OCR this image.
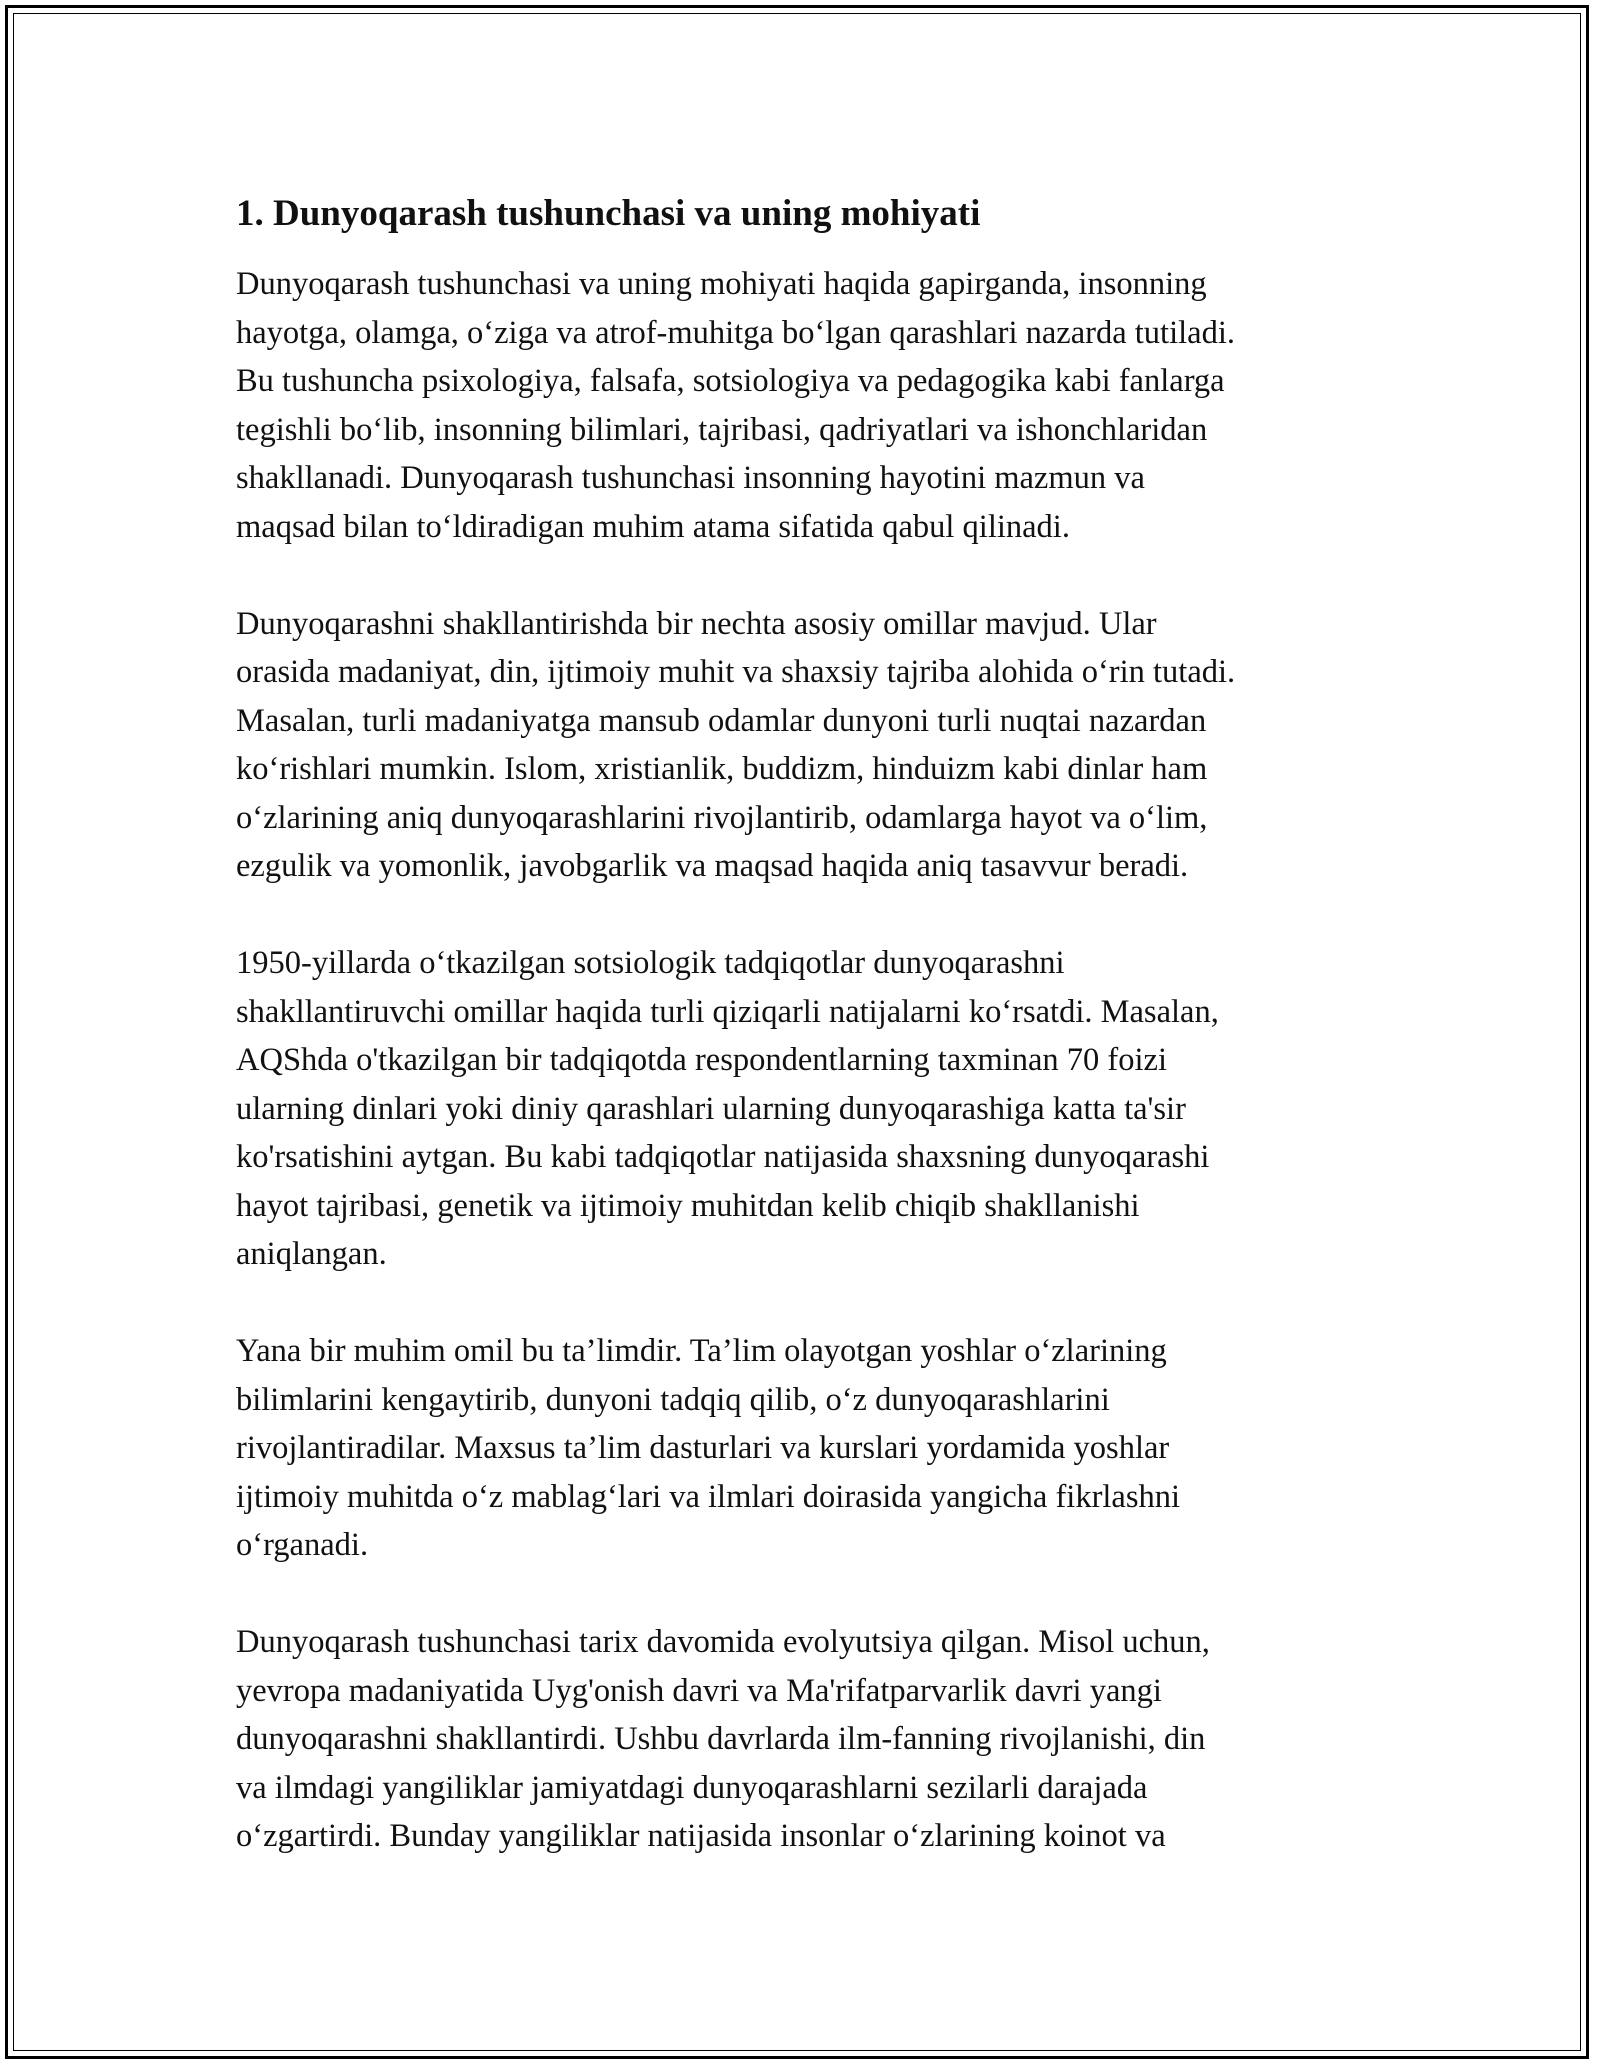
1. Dunyoqarash tushunchasi va uning mohiyati

Dunyoqarash tushunchasi va uning mohiyati haqida gapirganda, insonning
hayotga, olamga, o‘ziga va atrof-muhitga bo‘lgan qarashlari nazarda tutiladi.
Bu tushuncha psixologiya, falsafa, sotsiologiya va pedagogika kabi fanlarga
tegishli bo‘lib, insonning bilimlari, tajribasi, qadriyatlari va ishonchlaridan
shakllanadi. Dunyoqarash tushunchasi insonning hayotini mazmun va
maqsad bilan to‘ldiradigan muhim atama sifatida qabul qilinadi.

Dunyoqarashni shakllantirishda bir nechta asosiy omillar mavjud. Ular
orasida madaniyat, din, ijtimoiy muhit va shaxsiy tajriba alohida o‘rin tutadi.
Masalan, turli madaniyatga mansub odamlar dunyoni turli nuqtai nazardan
ko‘rishlari mumkin. Islom, xristianlik, buddizm, hinduizm kabi dinlar ham
o‘zlarining aniq dunyoqarashlarini rivojlantirib, odamlarga hayot va o‘lim,
ezgulik va yomonlik, javobgarlik va maqsad haqida aniq tasavvur beradi.

1950-yillarda o‘tkazilgan sotsiologik tadqiqotlar dunyoqarashni
shakllantiruvchi omillar haqida turli qiziqarli natijalarni ko‘rsatdi. Masalan,
AQShda o'tkazilgan bir tadqiqotda respondentlarning taxminan 70 foizi
ularning dinlari yoki diniy qarashlari ularning dunyoqarashiga katta ta'sir
ko'rsatishini aytgan. Bu kabi tadqiqotlar natijasida shaxsning dunyoqarashi
hayot tajribasi, genetik va ijtimoiy muhitdan kelib chiqib shakllanishi
aniqlangan.

Yana bir muhim omil bu ta’limdir. Ta’lim olayotgan yoshlar o‘zlarining
bilimlarini kengaytirib, dunyoni tadqiq qilib, o‘z dunyoqarashlarini
rivojlantiradilar. Maxsus ta’lim dasturlari va kurslari yordamida yoshlar
ijtimoiy muhitda o‘z mablag‘lari va ilmlari doirasida yangicha fikrlashni
o‘rganadi.

Dunyoqarash tushunchasi tarix davomida evolyutsiya qilgan. Misol uchun,
yevropa madaniyatida Uyg'onish davri va Ma'rifatparvarlik davri yangi
dunyoqarashni shakllantirdi. Ushbu davrlarda ilm-fanning rivojlanishi, din
va ilmdagi yangiliklar jamiyatdagi dunyoqarashlarni sezilarli darajada
o‘zgartirdi. Bunday yangiliklar natijasida insonlar o‘zlarining koinot va
